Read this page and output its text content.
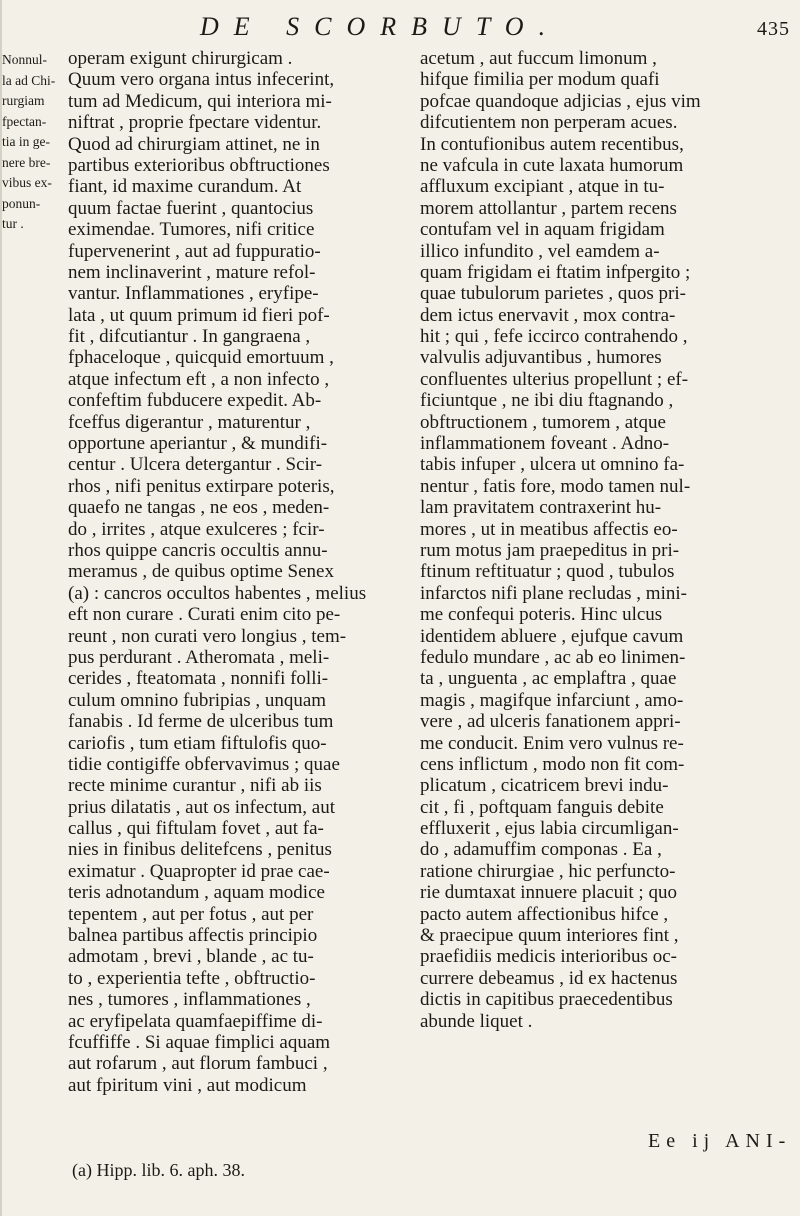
DE SCORBUTO.	435
Nonnul-
la ad Chi-
rurgiam
fpectan-
tia in ge-
nere bre-
vibus ex-
ponun-
tur .
operam exigunt chirurgicam .
Quum vero organa intus infecerint,
tum ad Medicum, qui interiora mi-
niftrat , proprie fpectare videntur.
Quod ad chirurgiam attinet, ne in
partibus exterioribus obftructiones
fiant, id maxime curandum. At
quum factae fuerint , quantocius
eximendae. Tumores, nifi critice
fupervenerint , aut ad fuppuratio-
nem inclinaverint , mature refol-
vantur. Inflammationes , eryfipe-
lata , ut quum primum id fieri pof-
fit , difcutiantur . In gangraena ,
fphaceloque , quicquid emortuum ,
atque infectum eft , a non infecto ,
confeftim fubducere expedit. Ab-
fceffus digerantur , maturentur ,
opportune aperiantur , & mundifi-
centur . Ulcera detergantur . Scir-
rhos , nifi penitus extirpare poteris,
quaefo ne tangas , ne eos , meden-
do , irrites , atque exulceres ; fcir-
rhos quippe cancris occultis annu-
meramus , de quibus optime Senex
(a) : cancros occultos habentes , melius
eft non curare . Curati enim cito pe-
reunt , non curati vero longius , tem-
pus perdurant . Atheromata , meli-
cerides , fteatomata , nonnifi folli-
culum omnino fubripias , unquam
fanabis . Id ferme de ulceribus tum
cariofis , tum etiam fiftulofis quo-
tidie contigiffe obfervavimus ; quae
recte minime curantur , nifi ab iis
prius dilatatis , aut os infectum, aut
callus , qui fiftulam fovet , aut fa-
nies in finibus delitefcens , penitus
eximatur . Quapropter id prae cae-
teris adnotandum , aquam modice
tepentem , aut per fotus , aut per
balnea partibus affectis principio
admotam , brevi , blande , ac tu-
to , experientia tefte , obftructio-
nes , tumores , inflammationes ,
ac eryfipelata quamfaepiffime di-
fcuffiffe . Si aquae fimplici aquam
aut rofarum , aut florum fambuci ,
aut fpiritum vini , aut modicum
acetum , aut fuccum limonum ,
hifque fimilia per modum quafi
pofcae quandoque adjicias , ejus vim
difcutientem non perperam acues.
In contufionibus autem recentibus,
ne vafcula in cute laxata humorum
affluxum excipiant , atque in tu-
morem attollantur , partem recens
contufam vel in aquam frigidam
illico infundito , vel eamdem a-
quam frigidam ei ftatim infpergito ;
quae tubulorum parietes , quos pri-
dem ictus enervavit , mox contra-
hit ; qui , fefe iccirco contrahendo ,
valvulis adjuvantibus , humores
confluentes ulterius propellunt ; ef-
ficiuntque , ne ibi diu ftagnando ,
obftructionem , tumorem , atque
inflammationem foveant . Adno-
tabis infuper , ulcera ut omnino fa-
nentur , fatis fore, modo tamen nul-
lam pravitatem contraxerint hu-
mores , ut in meatibus affectis eo-
rum motus jam praepeditus in pri-
ftinum reftituatur ; quod , tubulos
infarctos nifi plane recludas , mini-
me confequi poteris. Hinc ulcus
identidem abluere , ejufque cavum
fedulo mundare , ac ab eo linimen-
ta , unguenta , ac emplaftra , quae
magis , magifque infarciunt , amo-
vere , ad ulceris fanationem appri-
me conducit. Enim vero vulnus re-
cens inflictum , modo non fit com-
plicatum , cicatricem brevi indu-
cit , fi , poftquam fanguis debite
effluxerit , ejus labia circumligan-
do , adamuffim componas . Ea ,
ratione chirurgiae , hic perfuncto-
rie dumtaxat innuere placuit ; quo
pacto autem affectionibus hifce ,
& praecipue quum interiores fint ,
praefidiis medicis interioribus oc-
currere debeamus , id ex hactenus
dictis in capitibus praecedentibus
abunde liquet .
Ee ij ANI-
(a) Hipp. lib. 6. aph. 38.
